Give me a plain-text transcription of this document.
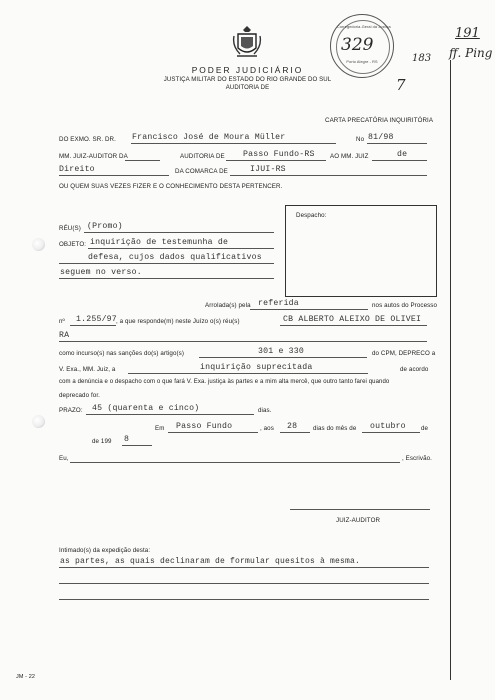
PODER JUDICIÁRIO
JUSTIÇA MILITAR DO ESTADO DO RIO GRANDE DO SUL
AUDITORIA DE
Corregedoria-Geral da Justiça
329
Porto Alegre - RS	183
7
191
ff. Ping
CARTA PRECATÓRIA INQUIRITÓRIA
DO EXMO. SR. DR. Francisco José de Moura Müller	No 81/98
MM. JUIZ-AUDITOR DA	AUDITORIA DE Passo Fundo-RS AO MM. JUIZ	de
Direito	DA COMARCA DE	IJUI-RS
OU QUEM SUAS VEZES FIZER E O CONHECIMENTO DESTA PERTENCER.
Despacho:
RÉU(S) (Promo)
OBJETO: inquirição de testemunha de
defesa, cujos dados qualificativos
seguem no verso.
Arrolada(s) pela referida	nos autos do Processo
nº 1.255/97 , a que responde(m) neste Juízo o(s) réu(s)	CB ALBERTO ALEIXO DE OLIVEI
RA
como incurso(s) nas sanções do(s) artigo(s)	301 e 330	do CPM, DEPRECO a
V. Exa., MM. Juiz, a	inquirição suprecitada	de acordo
com a denúncia e o despacho com o que fará V. Exa. justiça às partes e a mim alta mercê, que outro tanto farei quando
deprecado for.
PRAZO: 45 (quarenta e cinco)	dias.
Em Passo Fundo	, aos 28	dias do mês de outubro de
de 199 8
Eu,	, Escrivão.
JUIZ-AUDITOR
Intimado(s) da expedição desta:
as partes, as quais declinaram de formular quesitos à mesma.
JM - 22
